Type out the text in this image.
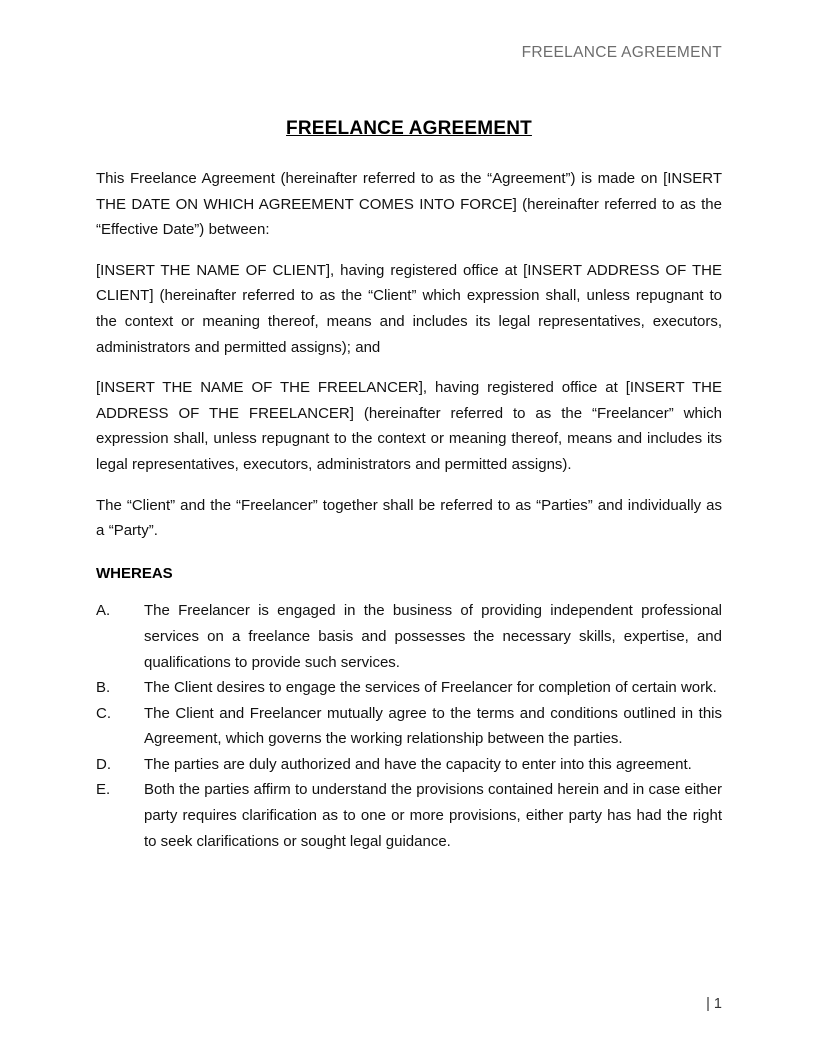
FREELANCE AGREEMENT
FREELANCE AGREEMENT

This Freelance Agreement (hereinafter referred to as the “Agreement”) is made on [INSERT THE DATE ON WHICH AGREEMENT COMES INTO FORCE] (hereinafter referred to as the “Effective Date”) between:

[INSERT THE NAME OF CLIENT], having registered office at [INSERT ADDRESS OF THE CLIENT] (hereinafter referred to as the “Client” which expression shall, unless repugnant to the context or meaning thereof, means and includes its legal representatives, executors, administrators and permitted assigns); and

[INSERT THE NAME OF THE FREELANCER], having registered office at [INSERT THE ADDRESS OF THE FREELANCER] (hereinafter referred to as the “Freelancer” which expression shall, unless repugnant to the context or meaning thereof, means and includes its legal representatives, executors, administrators and permitted assigns).

The “Client” and the “Freelancer” together shall be referred to as “Parties” and individually as a “Party”.

WHEREAS
A.	The Freelancer is engaged in the business of providing independent professional services on a freelance basis and possesses the necessary skills, expertise, and qualifications to provide such services.
B.	The Client desires to engage the services of Freelancer for completion of certain work.
C.	The Client and Freelancer mutually agree to the terms and conditions outlined in this Agreement, which governs the working relationship between the parties.
D.	The parties are duly authorized and have the capacity to enter into this agreement.
E.	Both the parties affirm to understand the provisions contained herein and in case either party requires clarification as to one or more provisions, either party has had the right to seek clarifications or sought legal guidance.
| 1
